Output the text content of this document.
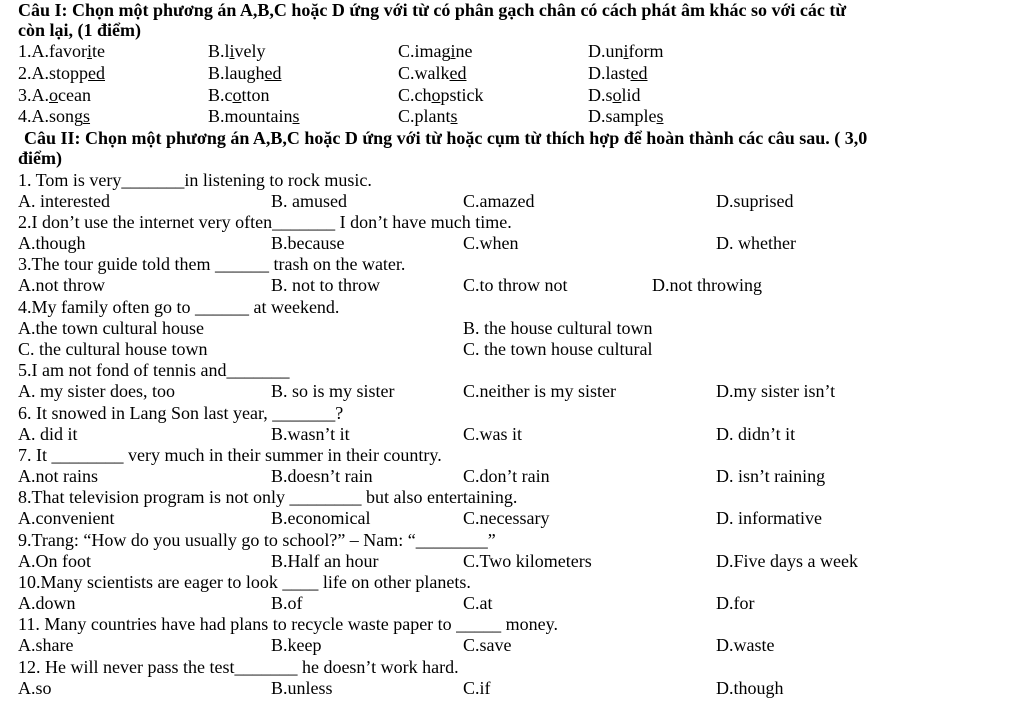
Câu I: Chọn một phương án A,B,C hoặc D ứng với từ có phân gạch chân có cách phát âm khác so với các từ
còn lại, (1 điểm)
1.A.favorite	B.lively	C.imagine	D.uniform
2.A.stopped	B.laughed	C.walked	D.lasted
3.A.ocean	B.cotton	C.chopstick	D.solid
4.A.songs	B.mountains	C.plants	D.samples
Câu II: Chọn một phương án A,B,C hoặc D ứng với từ hoặc cụm từ thích hợp để hoàn thành các câu sau. ( 3,0
điểm)
1. Tom is very_______in listening to rock music.
A. interested	B. amused	C.amazed	D.suprised
2.I don’t use the internet very often_______ I don’t have much time.
A.though	B.because	C.when	D. whether
3.The tour guide told them ______ trash on the water.
A.not throw	B. not to throw	C.to throw not	D.not throwing
4.My family often go to ______ at weekend.
A.the town cultural house	B. the house cultural town
C. the cultural house town	C. the town house cultural
5.I am not fond of tennis and_______
A. my sister does, too	B. so is my sister	C.neither is my sister	D.my sister isn’t
6. It snowed in Lang Son last year, _______?
A. did it	B.wasn’t it	C.was it	D. didn’t it
7. It ________ very much in their summer in their country.
A.not rains	B.doesn’t rain	C.don’t rain	D. isn’t raining
8.That television program is not only ________ but also entertaining.
A.convenient	B.economical	C.necessary	D. informative
9.Trang: “How do you usually go to school?” – Nam: “________”
A.On foot	B.Half an hour	C.Two kilometers	D.Five days a week
10.Many scientists are eager to look ____ life on other planets.
A.down	B.of	C.at	D.for
11. Many countries have had plans to recycle waste paper to _____ money.
A.share	B.keep	C.save	D.waste
12. He will never pass the test_______ he doesn’t work hard.
A.so	B.unless	C.if	D.though
